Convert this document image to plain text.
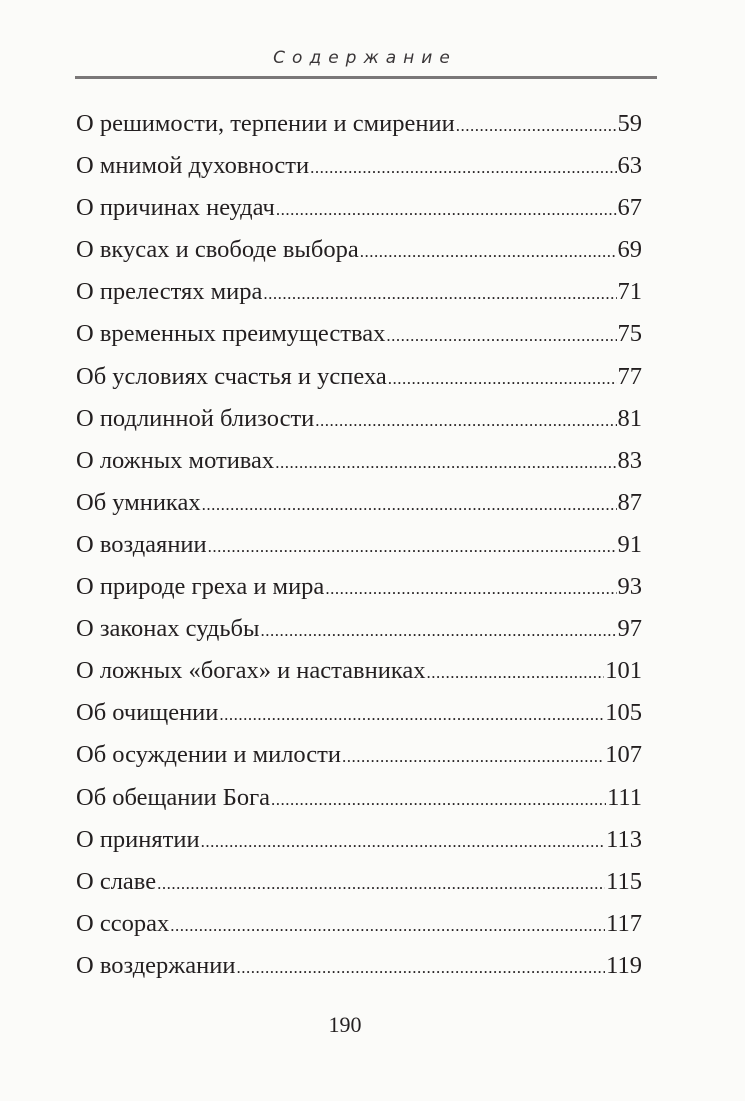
Содержание
О решимости, терпении и смирении .....	59
О мнимой духовности .....	63
О причинах неудач .....	67
О вкусах и свободе выбора .....	69
О прелестях мира .....	71
О временных преимуществах .....	75
Об условиях счастья и успеха .....	77
О подлинной близости .....	81
О ложных мотивах .....	83
Об умниках .....	87
О воздаянии .....	91
О природе греха и мира .....	93
О законах судьбы .....	97
О ложных «богах» и наставниках .....	101
Об очищении .....	105
Об осуждении и милости .....	107
Об обещании Бога .....	111
О принятии .....	113
О славе .....	115
О ссорах .....	117
О воздержании .....	119
190
